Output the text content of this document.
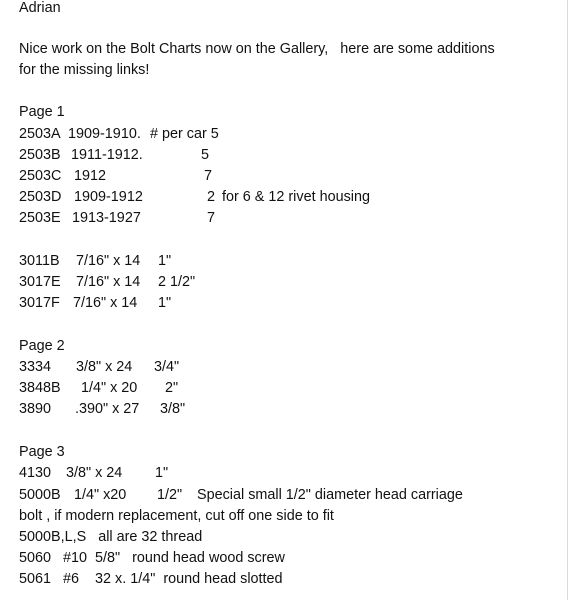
Adrian
Nice work on the Bolt Charts now on the Gallery,   here are some additions
for the missing links!
Page 1
2503A 1909-1910. # per car 5
2503B 1911-1912.	5
2503C 1912	7
2503D 1909-1912	2 for 6 & 12 rivet housing
2503E 1913-1927	7
3011B 7/16" x 14 1"
3017E 7/16" x 14 2 1/2"
3017F 7/16" x 14 1"
Page 2
3334 3/8" x 24 3/4"
3848B 1/4" x 20 2"
3890 .390" x 27 3/8"
Page 3
4130 3/8" x 24 1"
5000B 1/4" x20 1/2" Special small 1/2" diameter head carriage
bolt , if modern replacement, cut off one side to fit
5000B,L,S   all are 32 thread
5060   #10  5/8"   round head wood screw
5061   #6    32 x. 1/4"  round head slotted
